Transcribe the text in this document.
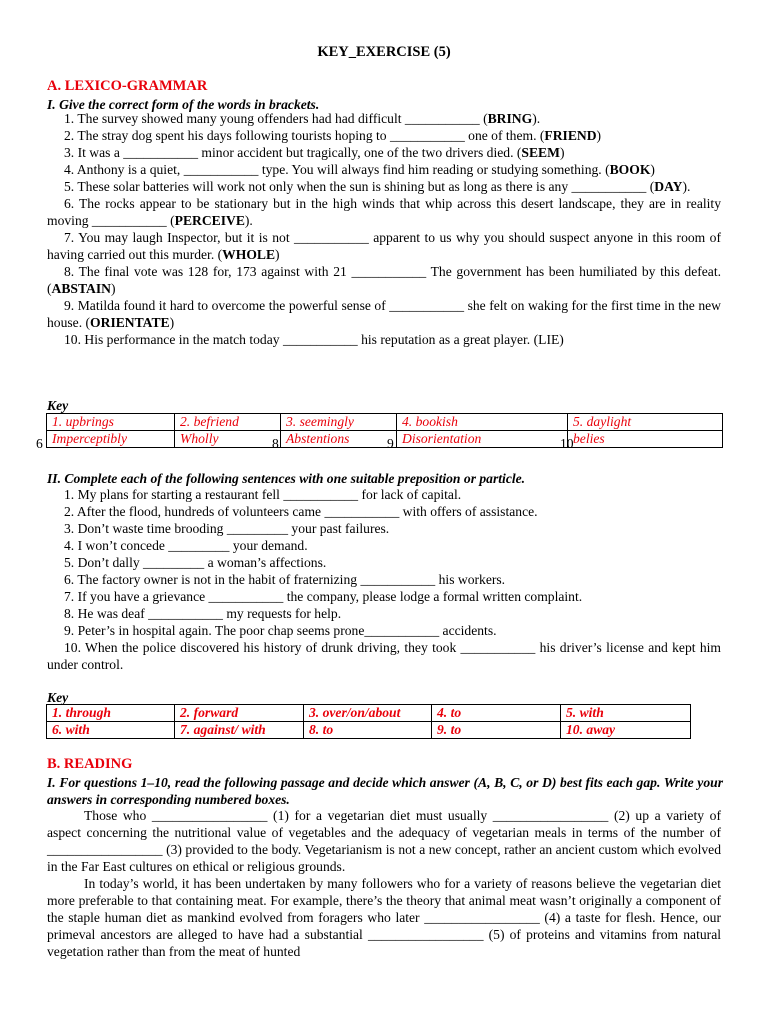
KEY_EXERCISE (5)
A. LEXICO-GRAMMAR
I. Give the correct form of the words in brackets.

1. The survey showed many young offenders had had difficult ___________ (BRING).

2. The stray dog spent his days following tourists hoping to ___________ one of them. (FRIEND)

3. It was a ___________ minor accident but tragically, one of the two drivers died. (SEEM)

4. Anthony is a quiet, ___________ type. You will always find him reading or studying something. (BOOK)

5. These solar batteries will work not only when the sun is shining but as long as there is any ___________ (DAY).

6. The rocks appear to be stationary but in the high winds that whip across this desert landscape, they are in reality moving ___________ (PERCEIVE).

7. You may laugh Inspector, but it is not ___________ apparent to us why you should suspect anyone in this room of having carried out this murder. (WHOLE)

8. The final vote was 128 for, 173 against with 21 ___________ The government has been humiliated by this defeat. (ABSTAIN)

9. Matilda found it hard to overcome the powerful sense of ___________ she felt on waking for the first time in the new house. (ORIENTATE)

10. His performance in the match today ___________ his reputation as a great player. (LIE)

Key
1. upbrings	2. befriend	3. seemingly	4. bookish	5. daylight
Imperceptibly	Wholly	Abstentions	Disorientation	belies
6	8	9	10
II. Complete each of the following sentences with one suitable preposition or particle.

1. My plans for starting a restaurant fell ___________ for lack of capital.

2. After the flood, hundreds of volunteers came ___________ with offers of assistance.

3. Don’t waste time brooding _________ your past failures.

4. I won’t concede _________ your demand.

5. Don’t dally _________ a woman’s affections.

6. The factory owner is not in the habit of fraternizing ___________ his workers.

7. If you have a grievance ___________ the company, please lodge a formal written complaint.

8. He was deaf ___________ my requests for help.

9. Peter’s in hospital again. The poor chap seems prone___________ accidents.

10. When the police discovered his history of drunk driving, they took ___________ his driver’s license and kept him under control.

Key
1. through	2. forward	3. over/on/about	4. to	5. with
6. with	7. against/ with	8. to	9. to	10. away
B. READING
I. For questions 1–10, read the following passage and decide which answer (A, B, C, or D) best fits each gap. Write your answers in corresponding numbered boxes.

Those who _________________ (1) for a vegetarian diet must usually _________________ (2) up a variety of aspect concerning the nutritional value of vegetables and the adequacy of vegetarian meals in terms of the number of _________________ (3) provided to the body. Vegetarianism is not a new concept, rather an ancient custom which evolved in the Far East cultures on ethical or religious grounds.

In today’s world, it has been undertaken by many followers who for a variety of reasons believe the vegetarian diet more preferable to that containing meat. For example, there’s the theory that animal meat wasn’t originally a component of the staple human diet as mankind evolved from foragers who later _________________ (4) a taste for flesh. Hence, our primeval ancestors are alleged to have had a substantial _________________ (5) of proteins and vitamins from natural vegetation rather than from the meat of hunted
